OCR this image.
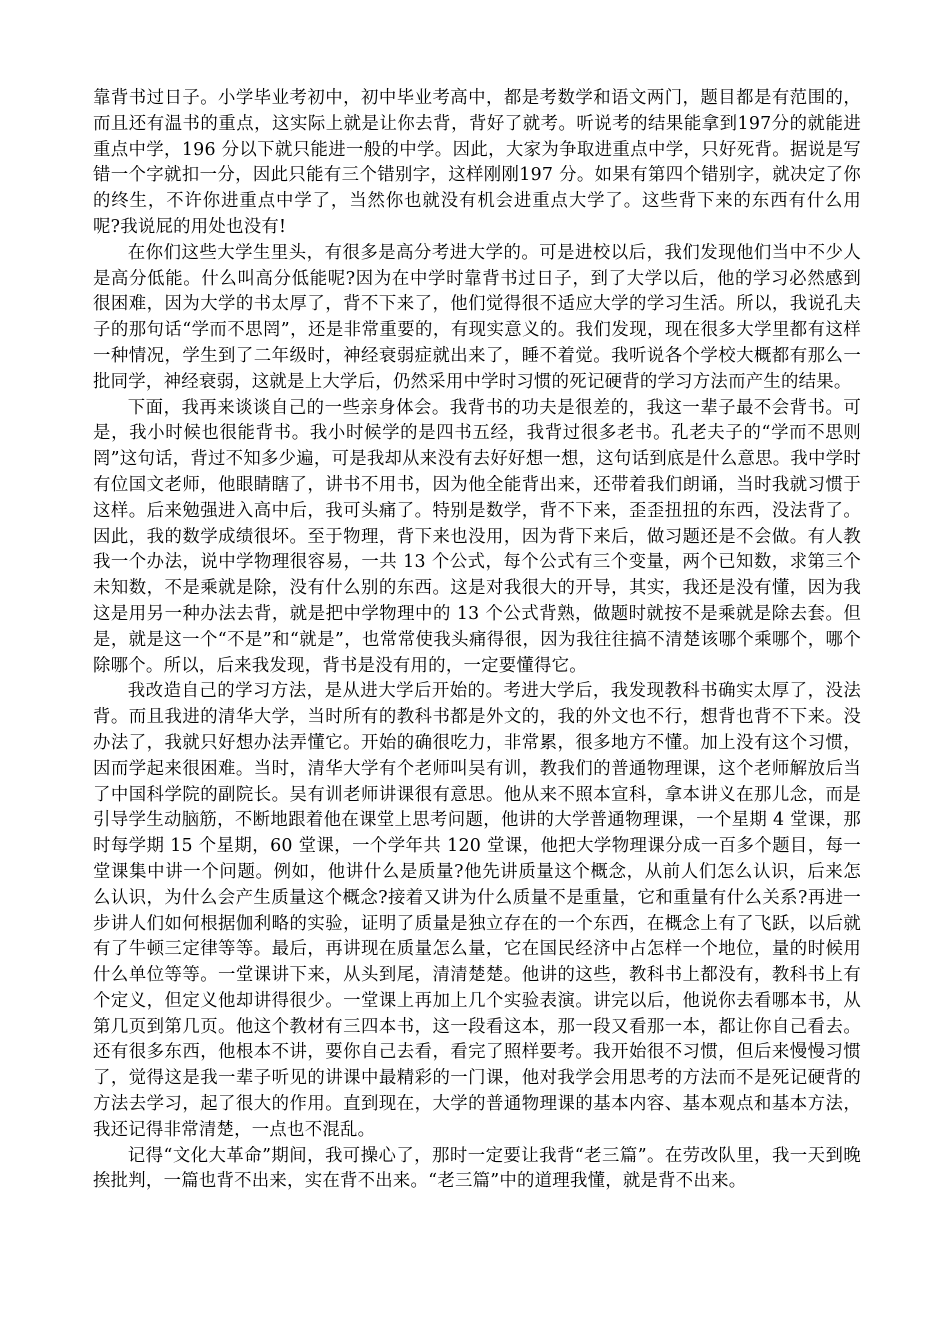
靠背书过日子。小学毕业考初中，初中毕业考高中，都是考数学和语文两门，题目都是有范围的，而且还有温书的重点，这实际上就是让你去背，背好了就考。听说考的结果能拿到197分的就能进重点中学，196 分以下就只能进一般的中学。因此，大家为争取进重点中学，只好死背。据说是写错一个字就扣一分，因此只能有三个错别字，这样刚刚197 分。如果有第四个错别字，就决定了你的终生，不许你进重点中学了，当然你也就没有机会进重点大学了。这些背下来的东西有什么用呢?我说屁的用处也没有!

在你们这些大学生里头，有很多是高分考进大学的。可是进校以后，我们发现他们当中不少人是高分低能。什么叫高分低能呢?因为在中学时靠背书过日子，到了大学以后，他的学习必然感到很困难，因为大学的书太厚了，背不下来了，他们觉得很不适应大学的学习生活。所以，我说孔夫子的那句话“学而不思罔”，还是非常重要的，有现实意义的。我们发现，现在很多大学里都有这样一种情况，学生到了二年级时，神经衰弱症就出来了，睡不着觉。我听说各个学校大概都有那么一批同学，神经衰弱，这就是上大学后，仍然采用中学时习惯的死记硬背的学习方法而产生的结果。

下面，我再来谈谈自己的一些亲身体会。我背书的功夫是很差的，我这一辈子最不会背书。可是，我小时候也很能背书。我小时候学的是四书五经，我背过很多老书。孔老夫子的“学而不思则罔”这句话，背过不知多少遍，可是我却从来没有去好好想一想，这句话到底是什么意思。我中学时有位国文老师，他眼睛瞎了，讲书不用书，因为他全能背出来，还带着我们朗诵，当时我就习惯于这样。后来勉强进入高中后，我可头痛了。特别是数学，背不下来，歪歪扭扭的东西，没法背了。因此，我的数学成绩很坏。至于物理，背下来也没用，因为背下来后，做习题还是不会做。有人教我一个办法，说中学物理很容易，一共 13 个公式，每个公式有三个变量，两个已知数，求第三个未知数，不是乘就是除，没有什么别的东西。这是对我很大的开导，其实，我还是没有懂，因为我这是用另一种办法去背，就是把中学物理中的 13 个公式背熟，做题时就按不是乘就是除去套。但是，就是这一个“不是”和“就是”，也常常使我头痛得很，因为我往往搞不清楚该哪个乘哪个，哪个除哪个。所以，后来我发现，背书是没有用的，一定要懂得它。

我改造自己的学习方法，是从进大学后开始的。考进大学后，我发现教科书确实太厚了，没法背。而且我进的清华大学，当时所有的教科书都是外文的，我的外文也不行，想背也背不下来。没办法了，我就只好想办法弄懂它。开始的确很吃力，非常累，很多地方不懂。加上没有这个习惯，因而学起来很困难。当时，清华大学有个老师叫吴有训，教我们的普通物理课，这个老师解放后当了中国科学院的副院长。吴有训老师讲课很有意思。他从来不照本宣科，拿本讲义在那儿念，而是引导学生动脑筋，不断地跟着他在课堂上思考问题，他讲的大学普通物理课，一个星期 4 堂课，那时每学期 15 个星期，60 堂课，一个学年共 120 堂课，他把大学物理课分成一百多个题目，每一堂课集中讲一个问题。例如，他讲什么是质量?他先讲质量这个概念，从前人们怎么认识，后来怎么认识，为什么会产生质量这个概念?接着又讲为什么质量不是重量，它和重量有什么关系?再进一步讲人们如何根据伽利略的实验，证明了质量是独立存在的一个东西，在概念上有了飞跃，以后就有了牛顿三定律等等。最后，再讲现在质量怎么量，它在国民经济中占怎样一个地位，量的时候用什么单位等等。一堂课讲下来，从头到尾，清清楚楚。他讲的这些，教科书上都没有，教科书上有个定义，但定义他却讲得很少。一堂课上再加上几个实验表演。讲完以后，他说你去看哪本书，从第几页到第几页。他这个教材有三四本书，这一段看这本，那一段又看那一本，都让你自己看去。还有很多东西，他根本不讲，要你自己去看，看完了照样要考。我开始很不习惯，但后来慢慢习惯了，觉得这是我一辈子听见的讲课中最精彩的一门课，他对我学会用思考的方法而不是死记硬背的方法去学习，起了很大的作用。直到现在，大学的普通物理课的基本内容、基本观点和基本方法，我还记得非常清楚，一点也不混乱。

记得“文化大革命”期间，我可操心了，那时一定要让我背“老三篇”。在劳改队里，我一天到晚挨批判，一篇也背不出来，实在背不出来。“老三篇”中的道理我懂，就是背不出来。
